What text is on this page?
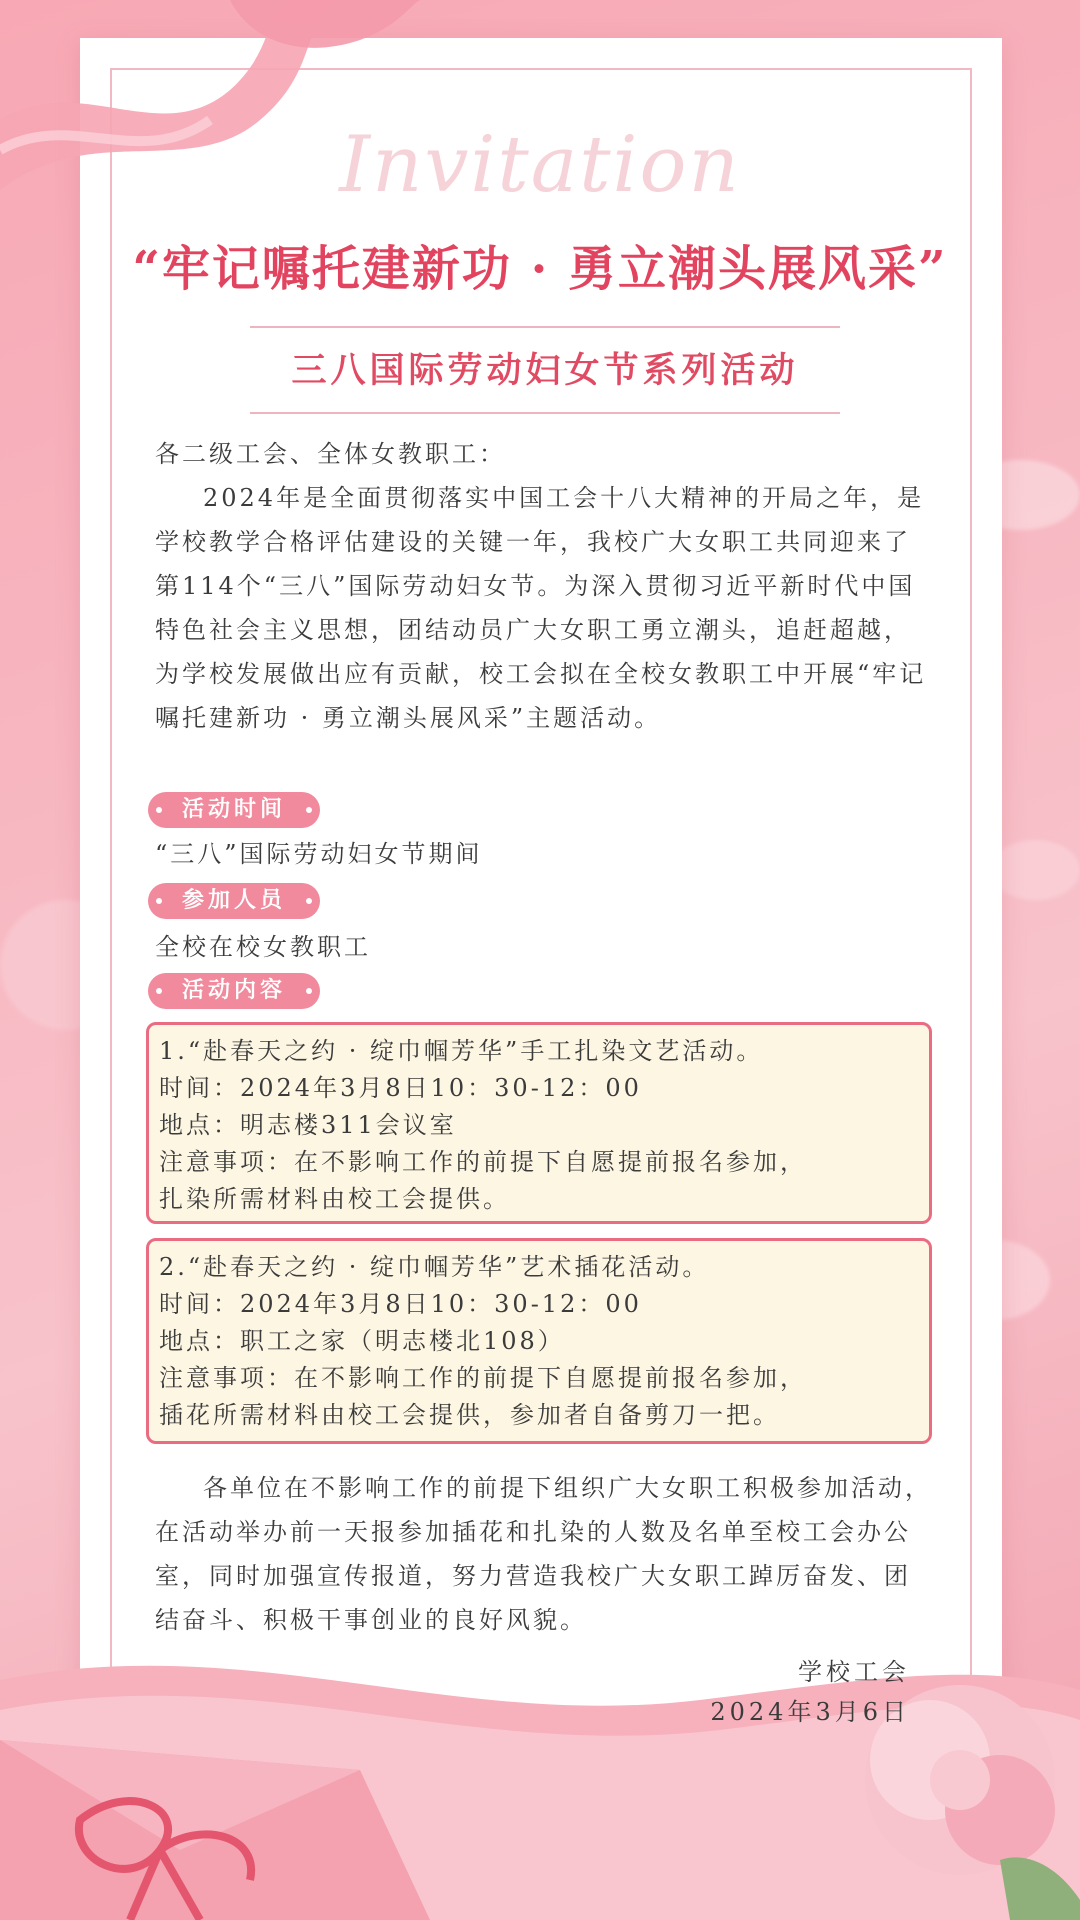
Invitation
“牢记嘱托建新功 · 勇立潮头展风采”
三八国际劳动妇女节系列活动
各二级工会、全体女教职工：
2024年是全面贯彻落实中国工会十八大精神的开局之年，是学校教学合格评估建设的关键一年，我校广大女职工共同迎来了第114个“三八”国际劳动妇女节。为深入贯彻习近平新时代中国特色社会主义思想，团结动员广大女职工勇立潮头，追赶超越，为学校发展做出应有贡献，校工会拟在全校女教职工中开展“牢记嘱托建新功 · 勇立潮头展风采”主题活动。
活动时间
“三八”国际劳动妇女节期间
参加人员
全校在校女教职工
活动内容
1.“赴春天之约 · 绽巾帼芳华”手工扎染文艺活动。
时间：2024年3月8日10：30-12：00
地点：明志楼311会议室
注意事项：在不影响工作的前提下自愿提前报名参加，
扎染所需材料由校工会提供。
2.“赴春天之约 · 绽巾帼芳华”艺术插花活动。
时间：2024年3月8日10：30-12：00
地点：职工之家（明志楼北108）
注意事项：在不影响工作的前提下自愿提前报名参加，
插花所需材料由校工会提供，参加者自备剪刀一把。
各单位在不影响工作的前提下组织广大女职工积极参加活动，在活动举办前一天报参加插花和扎染的人数及名单至校工会办公室，同时加强宣传报道，努力营造我校广大女职工踔厉奋发、团结奋斗、积极干事创业的良好风貌。
学校工会
2024年3月6日
